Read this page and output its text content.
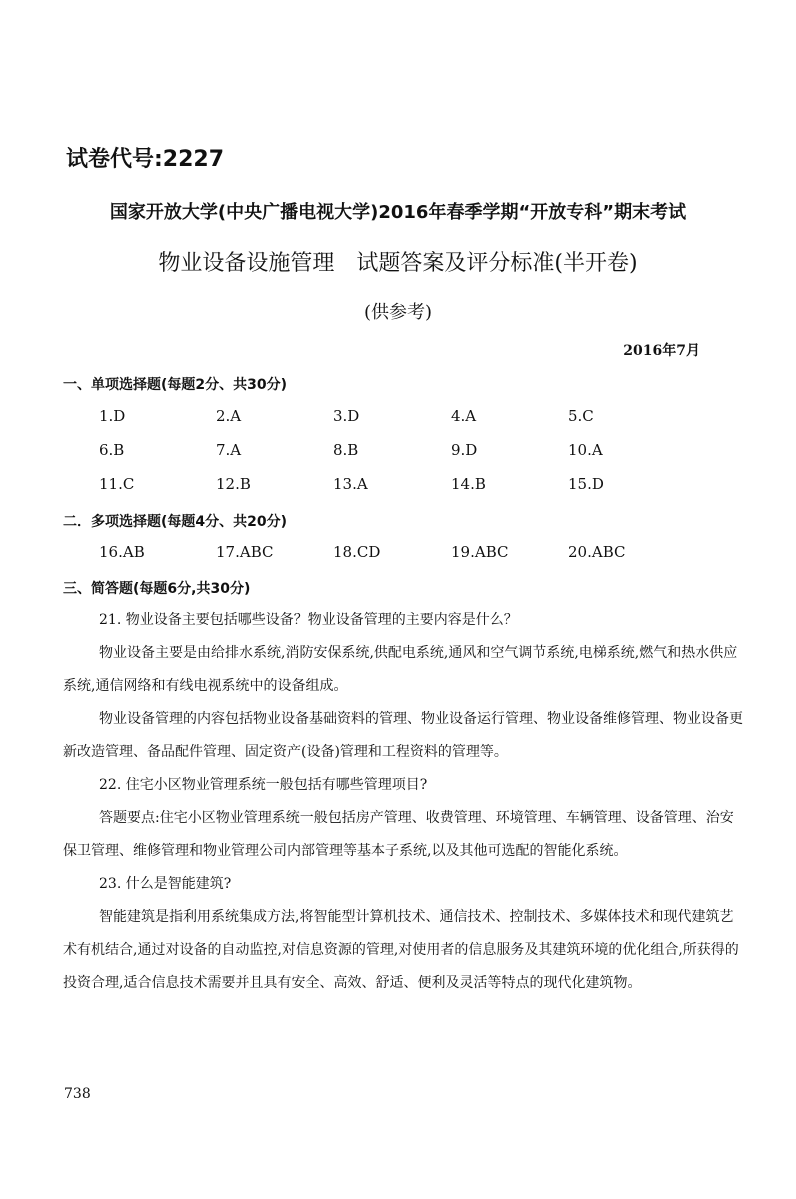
试卷代号:2227
国家开放大学(中央广播电视大学)2016年春季学期“开放专科”期末考试
物业设备设施管理　试题答案及评分标准(半开卷)
(供参考)
2016年7月
一、单项选择题(每题2分、共30分)
1.D	2.A	3.D	4.A	5.C
6.B	7.A	8.B	9.D	10.A
11.C	12.B	13.A	14.B	15.D
二．多项选择题(每题4分、共20分)
16.AB	17.ABC	18.CD	19.ABC	20.ABC
三、简答题(每题6分,共30分)

21. 物业设备主要包括哪些设备？物业设备管理的主要内容是什么？

物业设备主要是由给排水系统,消防安保系统,供配电系统,通风和空气调节系统,电梯系统,燃气和热水供应系统,通信网络和有线电视系统中的设备组成。

物业设备管理的内容包括物业设备基础资料的管理、物业设备运行管理、物业设备维修管理、物业设备更新改造管理、备品配件管理、固定资产(设备)管理和工程资料的管理等。

22. 住宅小区物业管理系统一般包括有哪些管理项目?

答题要点:住宅小区物业管理系统一般包括房产管理、收费管理、环境管理、车辆管理、设备管理、治安保卫管理、维修管理和物业管理公司内部管理等基本子系统,以及其他可选配的智能化系统。

23. 什么是智能建筑?

智能建筑是指利用系统集成方法,将智能型计算机技术、通信技术、控制技术、多媒体技术和现代建筑艺术有机结合,通过对设备的自动监控,对信息资源的管理,对使用者的信息服务及其建筑环境的优化组合,所获得的投资合理,适合信息技术需要并且具有安全、高效、舒适、便利及灵活等特点的现代化建筑物。

738
